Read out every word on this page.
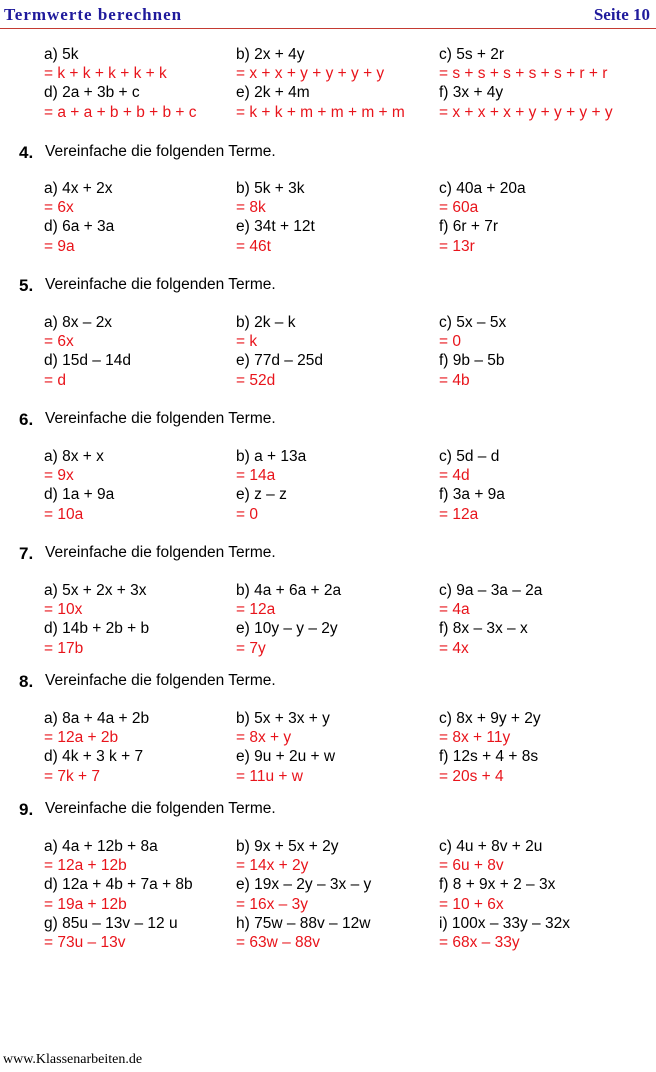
Termwerte berechnen	Seite 10
a) 5k
= k + k + k + k + k
b) 2x + 4y
= x + x + y + y + y + y
c) 5s + 2r
= s + s + s + s + s + r + r
d) 2a + 3b + c
= a + a + b + b + b + c
e) 2k + 4m
= k + k + m + m + m + m
f) 3x + 4y
= x + x + x + y + y + y + y
4. Vereinfache die folgenden Terme.
a) 4x + 2x
= 6x
b) 5k + 3k
= 8k
c) 40a + 20a
= 60a
d) 6a + 3a
= 9a
e) 34t + 12t
= 46t
f) 6r + 7r
= 13r
5. Vereinfache die folgenden Terme.
a) 8x – 2x
= 6x
b) 2k – k
= k
c) 5x – 5x
= 0
d) 15d – 14d
= d
e) 77d – 25d
= 52d
f) 9b – 5b
= 4b
6. Vereinfache die folgenden Terme.
a) 8x + x
= 9x
b) a + 13a
= 14a
c) 5d – d
= 4d
d) 1a + 9a
= 10a
e) z – z
= 0
f) 3a + 9a
= 12a
7. Vereinfache die folgenden Terme.
a) 5x + 2x + 3x
= 10x
b) 4a + 6a + 2a
= 12a
c) 9a – 3a – 2a
= 4a
d) 14b + 2b + b
= 17b
e) 10y – y – 2y
= 7y
f) 8x – 3x – x
= 4x
8. Vereinfache die folgenden Terme.
a) 8a + 4a + 2b
= 12a + 2b
b) 5x + 3x + y
= 8x + y
c) 8x + 9y + 2y
= 8x + 11y
d) 4k + 3 k + 7
= 7k + 7
e) 9u + 2u + w
= 11u + w
f) 12s + 4 + 8s
= 20s + 4
9. Vereinfache die folgenden Terme.
a) 4a + 12b + 8a
= 12a + 12b
b) 9x + 5x + 2y
= 14x + 2y
c) 4u + 8v + 2u
= 6u + 8v
d) 12a + 4b + 7a + 8b
= 19a + 12b
e) 19x – 2y – 3x – y
= 16x – 3y
f) 8 + 9x + 2 – 3x
= 10 + 6x
g) 85u – 13v – 12 u
= 73u – 13v
h) 75w – 88v – 12w
= 63w – 88v
i) 100x – 33y – 32x
= 68x – 33y
www.Klassenarbeiten.de
